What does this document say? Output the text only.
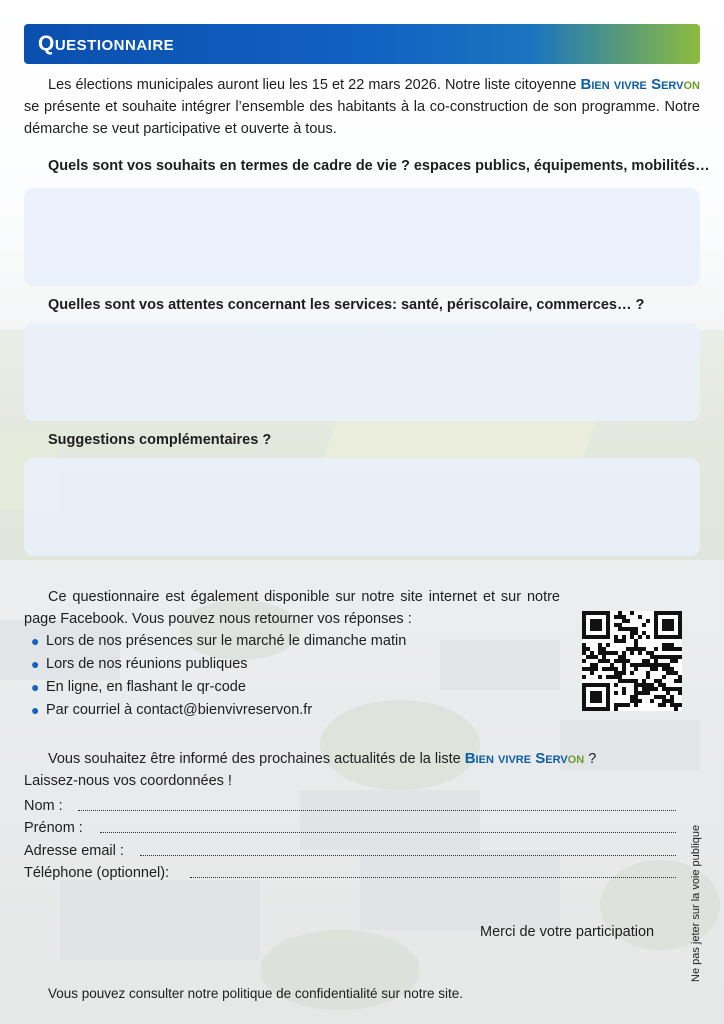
Questionnaire
Les élections municipales auront lieu les 15 et 22 mars 2026. Notre liste citoyenne Bien vivre Servon se présente et souhaite intégrer l’ensemble des habitants à la co-construction de son programme. Notre démarche se veut participative et ouverte à tous.
Quels sont vos souhaits en termes de cadre de vie ? espaces publics, équipements, mobilités…
Quelles sont vos attentes concernant les services: santé, périscolaire, commerces… ?
Suggestions complémentaires ?
Ce questionnaire est également disponible sur notre site internet et sur notre page Facebook. Vous pouvez nous retourner vos réponses :
● Lors de nos présences sur le marché le dimanche matin
● Lors de nos réunions publiques
● En ligne, en flashant le qr-code
● Par courriel à contact@bienvivreservon.fr
Vous souhaitez être informé des prochaines actualités de la liste Bien vivre Servon ?
Laissez-nous vos coordonnées !
Nom :
Prénom :
Adresse email :
Téléphone (optionnel):
Merci de votre participation	Ne pas jeter sur la voie publique
Vous pouvez consulter notre politique de confidentialité sur notre site.
